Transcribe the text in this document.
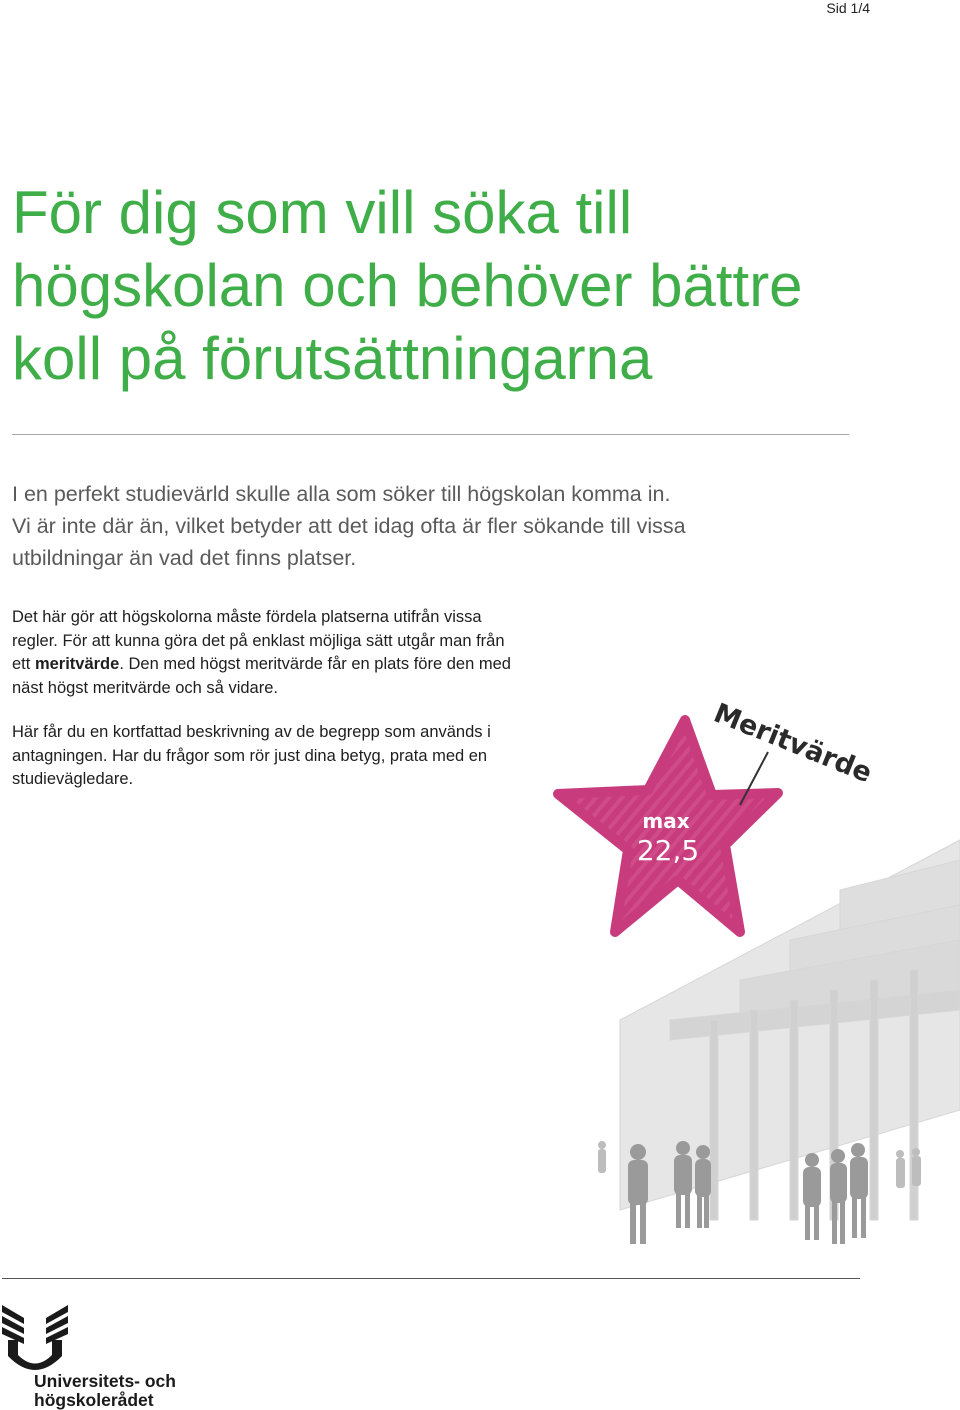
Sid 1/4
För dig som vill söka till
högskolan och behöver bättre
koll på förutsättningarna
I en perfekt studievärld skulle alla som söker till högskolan komma in.
Vi är inte där än, vilket betyder att det idag ofta är fler sökande till vissa
utbildningar än vad det finns platser.
Det här gör att högskolorna måste fördela platserna utifrån vissa
regler. För att kunna göra det på enklast möjliga sätt utgår man från
ett meritvärde. Den med högst meritvärde får en plats före den med
näst högst meritvärde och så vidare.
Här får du en kortfattad beskrivning av de begrepp som används i
antagningen. Har du frågor som rör just dina betyg, prata med en
studievägledare.
max
22,5
Meritvärde
Universitets- och
högskolerådet
